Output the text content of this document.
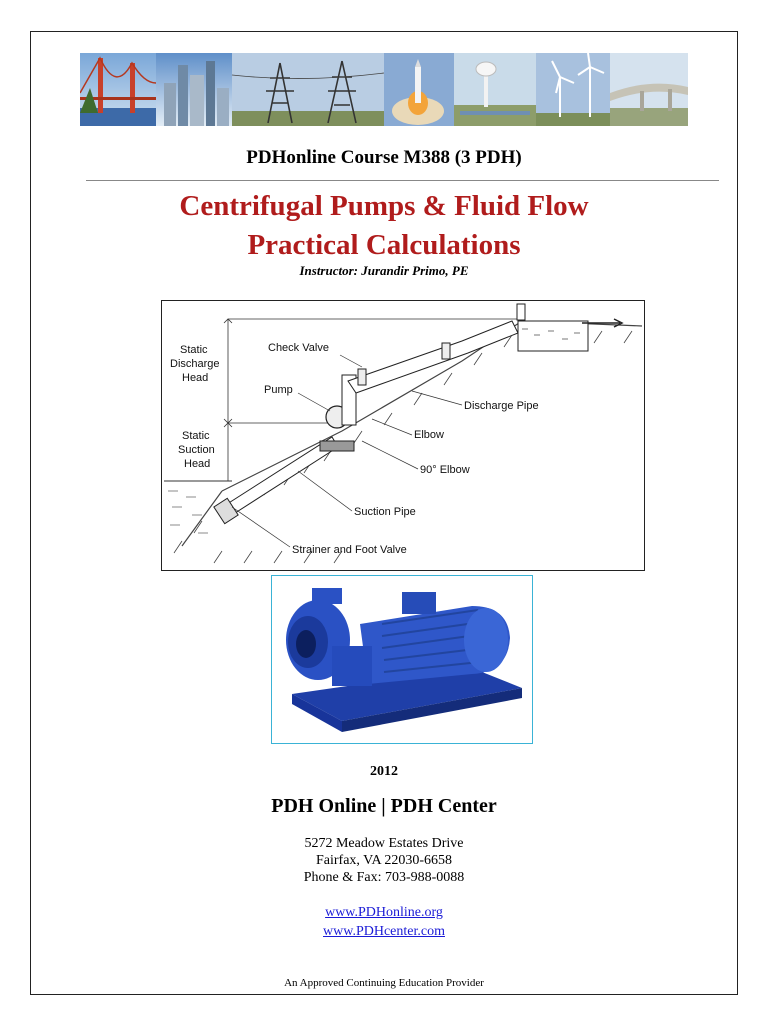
PDHonline Course M388 (3 PDH)
Centrifugal Pumps & Fluid Flow
Practical Calculations
Instructor: Jurandir Primo, PE
Static
Discharge
Head
Static
Suction
Head
Check Valve
Pump
Discharge Pipe
Elbow
90° Elbow
Suction Pipe
Strainer and Foot Valve
2012
PDH Online | PDH Center
5272 Meadow Estates Drive
Fairfax, VA 22030-6658
Phone & Fax: 703-988-0088
www.PDHonline.org
www.PDHcenter.com
An Approved Continuing Education Provider
